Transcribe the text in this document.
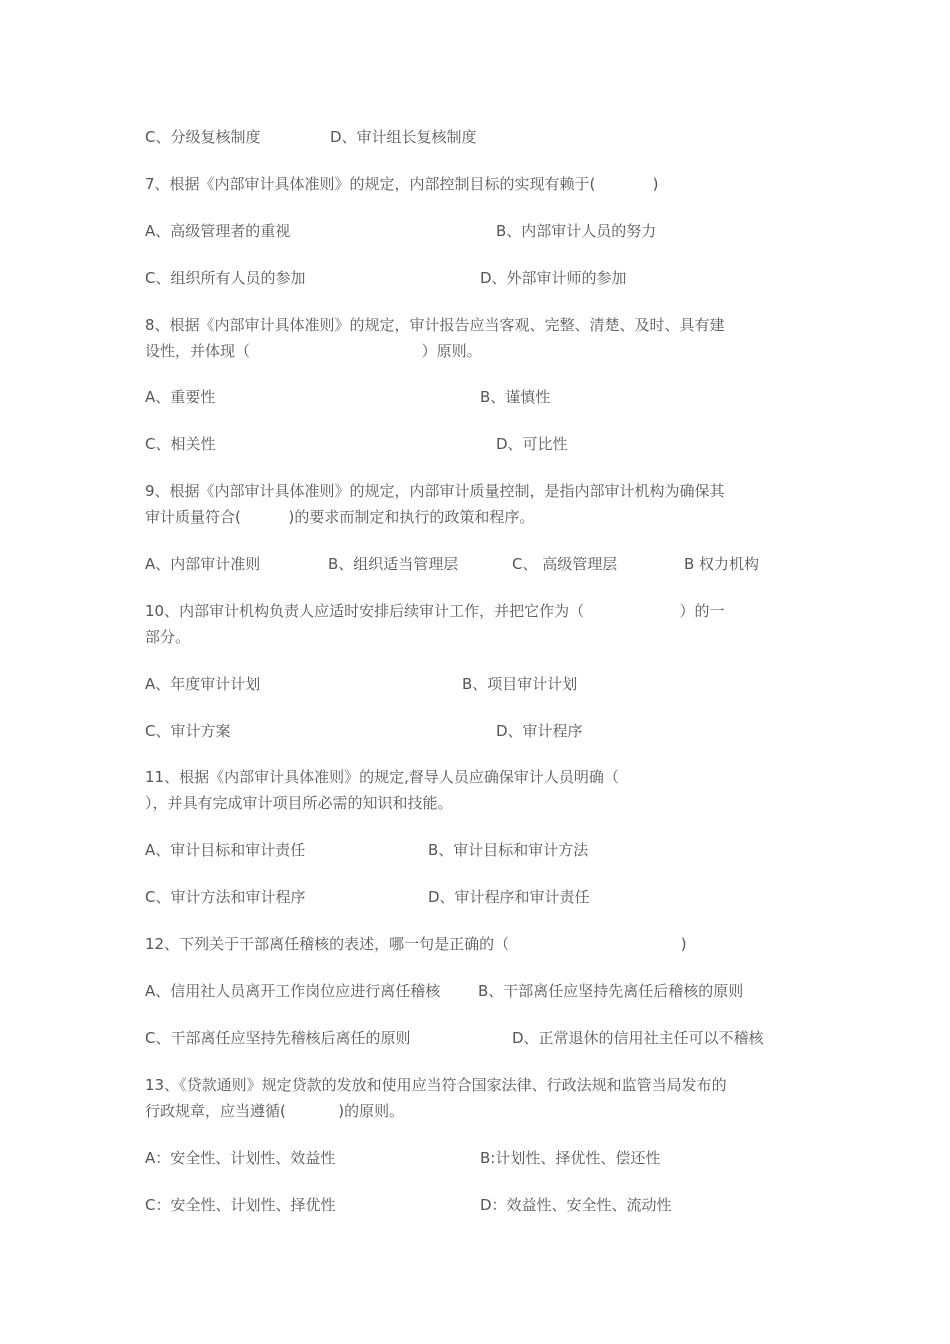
C、分级复核制度	D、审计组长复核制度
7、根据《内部审计具体准则》的规定，内部控制目标的实现有赖于(            )
A、高级管理者的重视	B、内部审计人员的努力
C、组织所有人员的参加	D、外部审计师的参加
8、根据《内部审计具体准则》的规定，审计报告应当客观、完整、清楚、及时、具有建
设性，并体现（                                    ）原则。
A、重要性	B、谨慎性
C、相关性	D、可比性
9、根据《内部审计具体准则》的规定，内部审计质量控制，是指内部审计机构为确保其
审计质量符合(          )的要求而制定和执行的政策和程序。
A、内部审计准则	B、组织适当管理层	C、 高级管理层	B 权力机构
10、内部审计机构负责人应适时安排后续审计工作，并把它作为（                    ）的一
部分。
A、年度审计计划	B、项目审计计划
C、审计方案	D、审计程序
11、根据《内部审计具体准则》的规定,督导人员应确保审计人员明确（
），并具有完成审计项目所必需的知识和技能。
A、审计目标和审计责任	B、审计目标和审计方法
C、审计方法和审计程序	D、审计程序和审计责任
12、下列关于干部离任稽核的表述，哪一句是正确的（                                    )
A、信用社人员离开工作岗位应进行离任稽核	B、干部离任应坚持先离任后稽核的原则
C、干部离任应坚持先稽核后离任的原则	D、正常退休的信用社主任可以不稽核
13、《贷款通则》规定贷款的发放和使用应当符合国家法律、行政法规和监管当局发布的
行政规章，应当遵循(           )的原则。
A：安全性、计划性、效益性	B:计划性、择优性、偿还性
C：安全性、计划性、择优性	D：效益性、安全性、流动性
